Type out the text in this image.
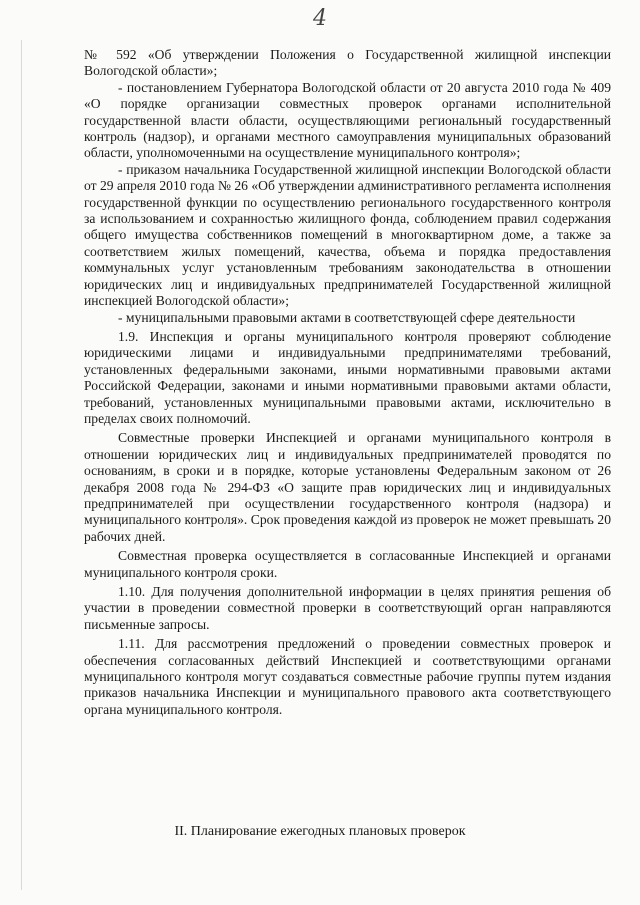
4

№ 592 «Об утверждении Положения о Государственной жилищной инспекции Вологодской области»;

- постановлением Губернатора Вологодской области от 20 августа 2010 года № 409 «О порядке организации совместных проверок органами исполнительной государственной власти области, осуществляющими региональный государственный контроль (надзор), и органами местного самоуправления муниципальных образований области, уполномоченными на осуществление муниципального контроля»;

- приказом начальника Государственной жилищной инспекции Вологодской области от 29 апреля 2010 года № 26 «Об утверждении административного регламента исполнения государственной функции по осуществлению регионального государственного контроля за использованием и сохранностью жилищного фонда, соблюдением правил содержания общего имущества собственников помещений в многоквартирном доме, а также за соответствием жилых помещений, качества, объема и порядка предоставления коммунальных услуг установленным требованиям законодательства в отношении юридических лиц и индивидуальных предпринимателей Государственной жилищной инспекцией Вологодской области»;

- муниципальными правовыми актами в соответствующей сфере деятельности

1.9. Инспекция и органы муниципального контроля проверяют соблюдение юридическими лицами и индивидуальными предпринимателями требований, установленных федеральными законами, иными нормативными правовыми актами Российской Федерации, законами и иными нормативными правовыми актами области, требований, установленных муниципальными правовыми актами, исключительно в пределах своих полномочий.

Совместные проверки Инспекцией и органами муниципального контроля в отношении юридических лиц и индивидуальных предпринимателей проводятся по основаниям, в сроки и в порядке, которые установлены Федеральным законом от 26 декабря 2008 года № 294-ФЗ «О защите прав юридических лиц и индивидуальных предпринимателей при осуществлении государственного контроля (надзора) и муниципального контроля». Срок проведения каждой из проверок не может превышать 20 рабочих дней.

Совместная проверка осуществляется в согласованные Инспекцией и органами муниципального контроля сроки.

1.10. Для получения дополнительной информации в целях принятия решения об участии в проведении совместной проверки в соответствующий орган направляются письменные запросы.

1.11. Для рассмотрения предложений о проведении совместных проверок и обеспечения согласованных действий Инспекцией и соответствующими органами муниципального контроля могут создаваться совместные рабочие группы путем издания приказов начальника Инспекции и муниципального правового акта соответствующего органа муниципального контроля.

II. Планирование ежегодных плановых проверок
